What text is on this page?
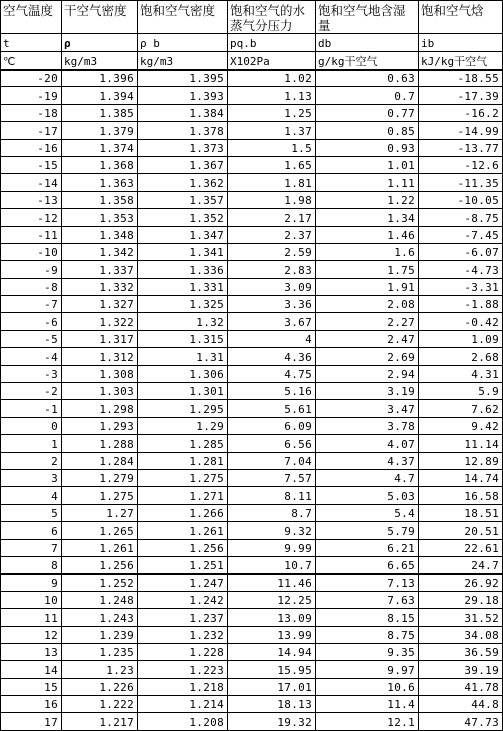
空气温度	干空气密度	饱和空气密度	饱和空气的水蒸气分压力	饱和空气地含湿量	饱和空气焓
t	ρ	ρ b	pq.b	db	ib
℃	kg/m3	kg/m3	X102Pa	g/kg干空气	kJ/kg干空气
-20	1.396	1.395	1.02	0.63	-18.55
-19	1.394	1.393	1.13	0.7	-17.39
-18	1.385	1.384	1.25	0.77	-16.2
-17	1.379	1.378	1.37	0.85	-14.99
-16	1.374	1.373	1.5	0.93	-13.77
-15	1.368	1.367	1.65	1.01	-12.6
-14	1.363	1.362	1.81	1.11	-11.35
-13	1.358	1.357	1.98	1.22	-10.05
-12	1.353	1.352	2.17	1.34	-8.75
-11	1.348	1.347	2.37	1.46	-7.45
-10	1.342	1.341	2.59	1.6	-6.07
-9	1.337	1.336	2.83	1.75	-4.73
-8	1.332	1.331	3.09	1.91	-3.31
-7	1.327	1.325	3.36	2.08	-1.88
-6	1.322	1.32	3.67	2.27	-0.42
-5	1.317	1.315	4	2.47	1.09
-4	1.312	1.31	4.36	2.69	2.68
-3	1.308	1.306	4.75	2.94	4.31
-2	1.303	1.301	5.16	3.19	5.9
-1	1.298	1.295	5.61	3.47	7.62
0	1.293	1.29	6.09	3.78	9.42
1	1.288	1.285	6.56	4.07	11.14
2	1.284	1.281	7.04	4.37	12.89
3	1.279	1.275	7.57	4.7	14.74
4	1.275	1.271	8.11	5.03	16.58
5	1.27	1.266	8.7	5.4	18.51
6	1.265	1.261	9.32	5.79	20.51
7	1.261	1.256	9.99	6.21	22.61
8	1.256	1.251	10.7	6.65	24.7
9	1.252	1.247	11.46	7.13	26.92
10	1.248	1.242	12.25	7.63	29.18
11	1.243	1.237	13.09	8.15	31.52
12	1.239	1.232	13.99	8.75	34.08
13	1.235	1.228	14.94	9.35	36.59
14	1.23	1.223	15.95	9.97	39.19
15	1.226	1.218	17.01	10.6	41.78
16	1.222	1.214	18.13	11.4	44.8
17	1.217	1.208	19.32	12.1	47.73
